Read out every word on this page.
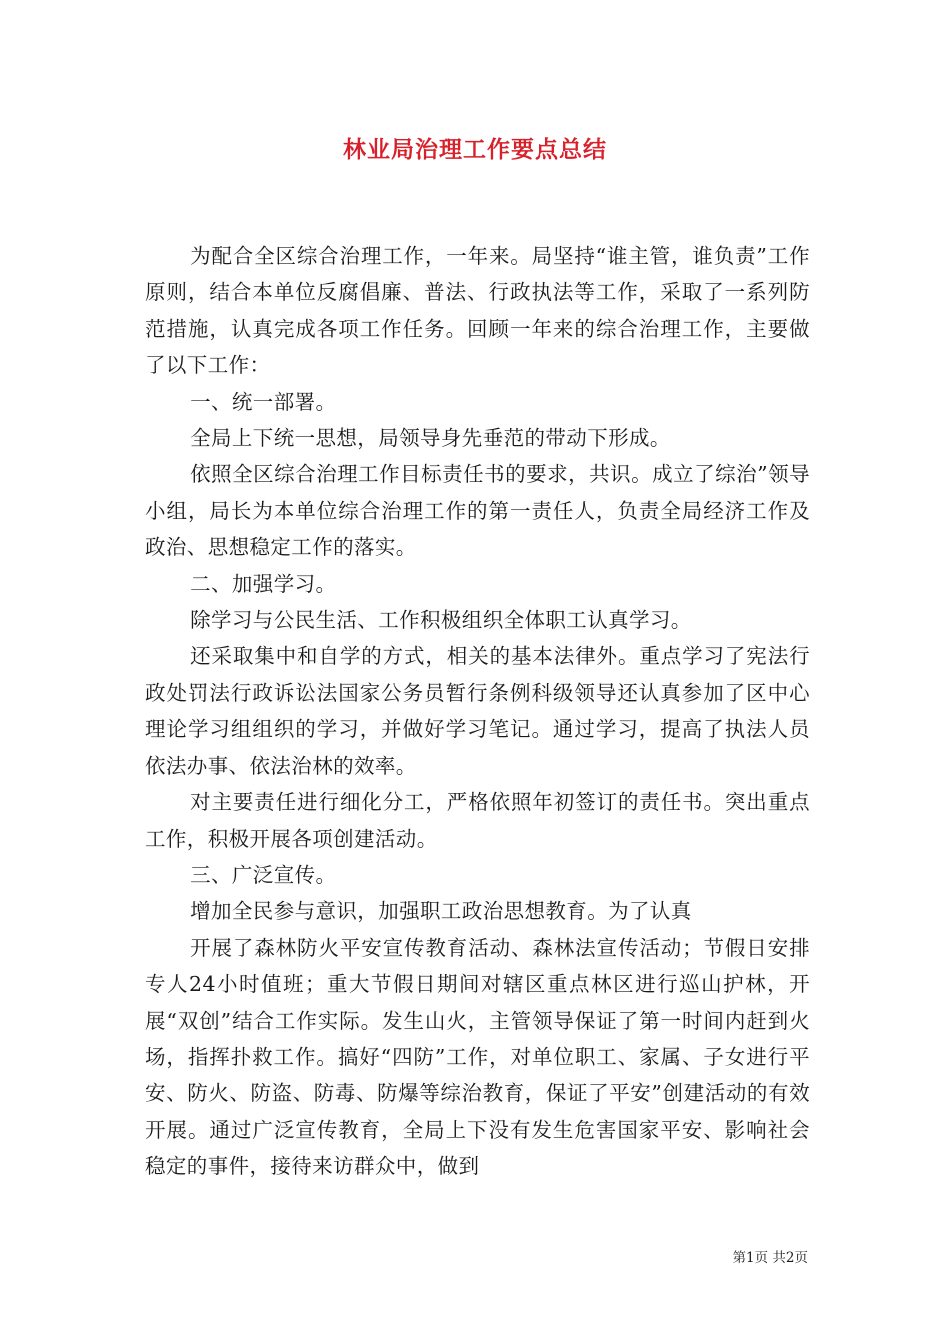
林业局治理工作要点总结

为配合全区综合治理工作，一年来。局坚持“谁主管，谁负责”工作原则，结合本单位反腐倡廉、普法、行政执法等工作，采取了一系列防范措施，认真完成各项工作任务。回顾一年来的综合治理工作，主要做了以下工作：

一、统一部署。

全局上下统一思想，局领导身先垂范的带动下形成。

依照全区综合治理工作目标责任书的要求，共识。成立了综治”领导小组，局长为本单位综合治理工作的第一责任人，负责全局经济工作及政治、思想稳定工作的落实。

二、加强学习。

除学习与公民生活、工作积极组织全体职工认真学习。

还采取集中和自学的方式，相关的基本法律外。重点学习了宪法行政处罚法行政诉讼法国家公务员暂行条例科级领导还认真参加了区中心理论学习组组织的学习，并做好学习笔记。通过学习，提高了执法人员依法办事、依法治林的效率。

对主要责任进行细化分工，严格依照年初签订的责任书。突出重点工作，积极开展各项创建活动。

三、广泛宣传。

增加全民参与意识，加强职工政治思想教育。为了认真

开展了森林防火平安宣传教育活动、森林法宣传活动；节假日安排专人24小时值班；重大节假日期间对辖区重点林区进行巡山护林，开展“双创”结合工作实际。发生山火，主管领导保证了第一时间内赶到火场，指挥扑救工作。搞好“四防”工作，对单位职工、家属、子女进行平安、防火、防盗、防毒、防爆等综治教育，保证了平安”创建活动的有效开展。通过广泛宣传教育，全局上下没有发生危害国家平安、影响社会稳定的事件，接待来访群众中，做到

第1页 共2页
